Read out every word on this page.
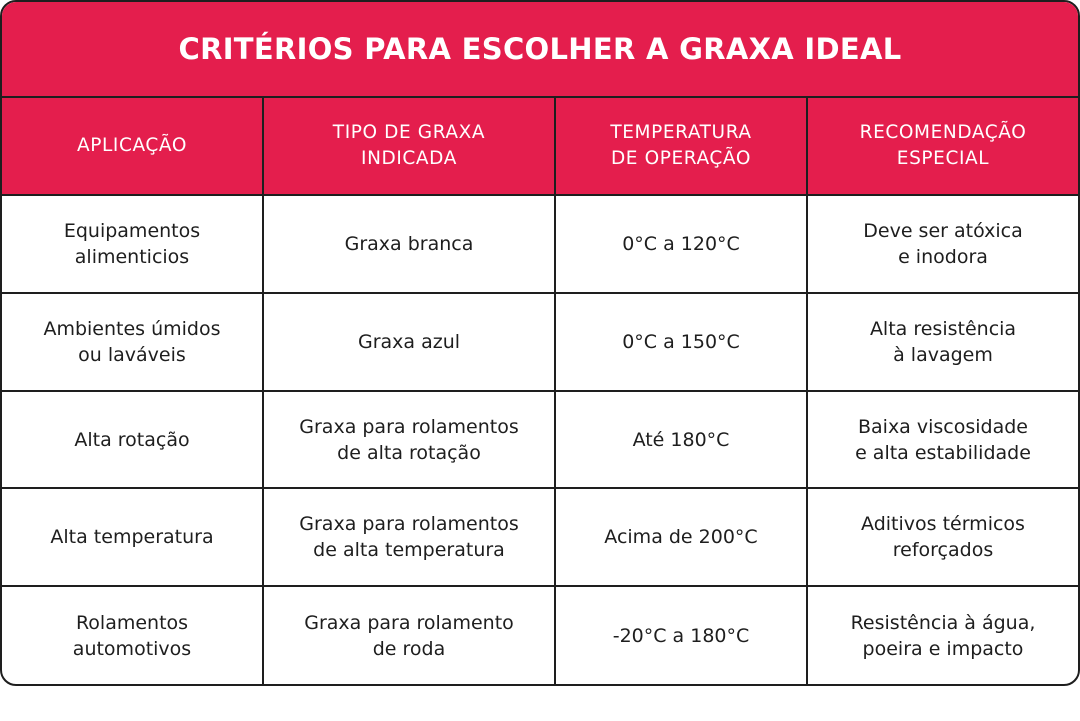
CRITÉRIOS PARA ESCOLHER A GRAXA IDEAL
APLICAÇÃO
TIPO DE GRAXA
INDICADA
TEMPERATURA
DE OPERAÇÃO
RECOMENDAÇÃO
ESPECIAL
Equipamentos
alimenticios
Graxa branca	0°C a 120°C
Deve ser atóxica
e inodora
Ambientes úmidos
ou laváveis
Graxa azul	0°C a 150°C
Alta resistência
à lavagem
Alta rotação
Graxa para rolamentos
de alta rotação
Até 180°C
Baixa viscosidade
e alta estabilidade
Alta temperatura
Graxa para rolamentos
de alta temperatura
Acima de 200°C
Aditivos térmicos
reforçados
Rolamentos
automotivos
Graxa para rolamento
de roda
-20°C a 180°C
Resistência à água,
poeira e impacto
